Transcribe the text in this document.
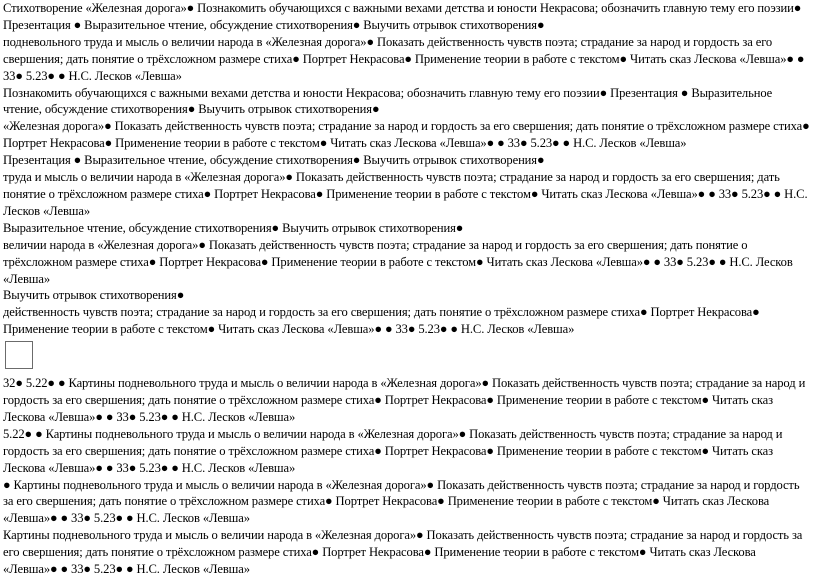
Стихотворение «Железная дорога»● Познакомить обучающихся с важными вехами детства и юности Некрасова; обозначить главную тему его поэзии● Презентация ● Выразительное чтение, обсуждение стихотворения● Выучить отрывок стихотворения●

подневольного труда и мысль о величии народа в «Железная дорога»● Показать действенность чувств поэта; страдание за народ и гордость за его свершения; дать понятие о трёхсложном размере стиха● Портрет Некрасова● Применение теории в работе с текстом● Читать сказ Лескова «Левша»● ● 33● 5.23● ● Н.С. Лесков «Левша»

Познакомить обучающихся с важными вехами детства и юности Некрасова; обозначить главную тему его поэзии● Презентация ● Выразительное чтение, обсуждение стихотворения● Выучить отрывок стихотворения●

«Железная дорога»● Показать действенность чувств поэта; страдание за народ и гордость за его свершения; дать понятие о трёхсложном размере стиха● Портрет Некрасова● Применение теории в работе с текстом● Читать сказ Лескова «Левша»● ● 33● 5.23● ● Н.С. Лесков «Левша»

Презентация ● Выразительное чтение, обсуждение стихотворения● Выучить отрывок стихотворения●

труда и мысль о величии народа в «Железная дорога»● Показать действенность чувств поэта; страдание за народ и гордость за его свершения; дать понятие о трёхсложном размере стиха● Портрет Некрасова● Применение теории в работе с текстом● Читать сказ Лескова «Левша»● ● 33● 5.23● ● Н.С. Лесков «Левша»

Выразительное чтение, обсуждение стихотворения● Выучить отрывок стихотворения●

величии народа в «Железная дорога»● Показать действенность чувств поэта; страдание за народ и гордость за его свершения; дать понятие о трёхсложном размере стиха● Портрет Некрасова● Применение теории в работе с текстом● Читать сказ Лескова «Левша»● ● 33● 5.23● ● Н.С. Лесков «Левша»

Выучить отрывок стихотворения●

действенность чувств поэта; страдание за народ и гордость за его свершения; дать понятие о трёхсложном размере стиха● Портрет Некрасова● Применение теории в работе с текстом● Читать сказ Лескова «Левша»● ● 33● 5.23● ● Н.С. Лесков «Левша»

32● 5.22● ● Картины подневольного труда и мысль о величии народа в «Железная дорога»● Показать действенность чувств поэта; страдание за народ и гордость за его свершения; дать понятие о трёхсложном размере стиха● Портрет Некрасова● Применение теории в работе с текстом● Читать сказ Лескова «Левша»● ● 33● 5.23● ● Н.С. Лесков «Левша»

5.22● ● Картины подневольного труда и мысль о величии народа в «Железная дорога»● Показать действенность чувств поэта; страдание за народ и гордость за его свершения; дать понятие о трёхсложном размере стиха● Портрет Некрасова● Применение теории в работе с текстом● Читать сказ Лескова «Левша»● ● 33● 5.23● ● Н.С. Лесков «Левша»

● Картины подневольного труда и мысль о величии народа в «Железная дорога»● Показать действенность чувств поэта; страдание за народ и гордость за его свершения; дать понятие о трёхсложном размере стиха● Портрет Некрасова● Применение теории в работе с текстом● Читать сказ Лескова «Левша»● ● 33● 5.23● ● Н.С. Лесков «Левша»

Картины подневольного труда и мысль о величии народа в «Железная дорога»● Показать действенность чувств поэта; страдание за народ и гордость за его свершения; дать понятие о трёхсложном размере стиха● Портрет Некрасова● Применение теории в работе с текстом● Читать сказ Лескова «Левша»● ● 33● 5.23● ● Н.С. Лесков «Левша»
